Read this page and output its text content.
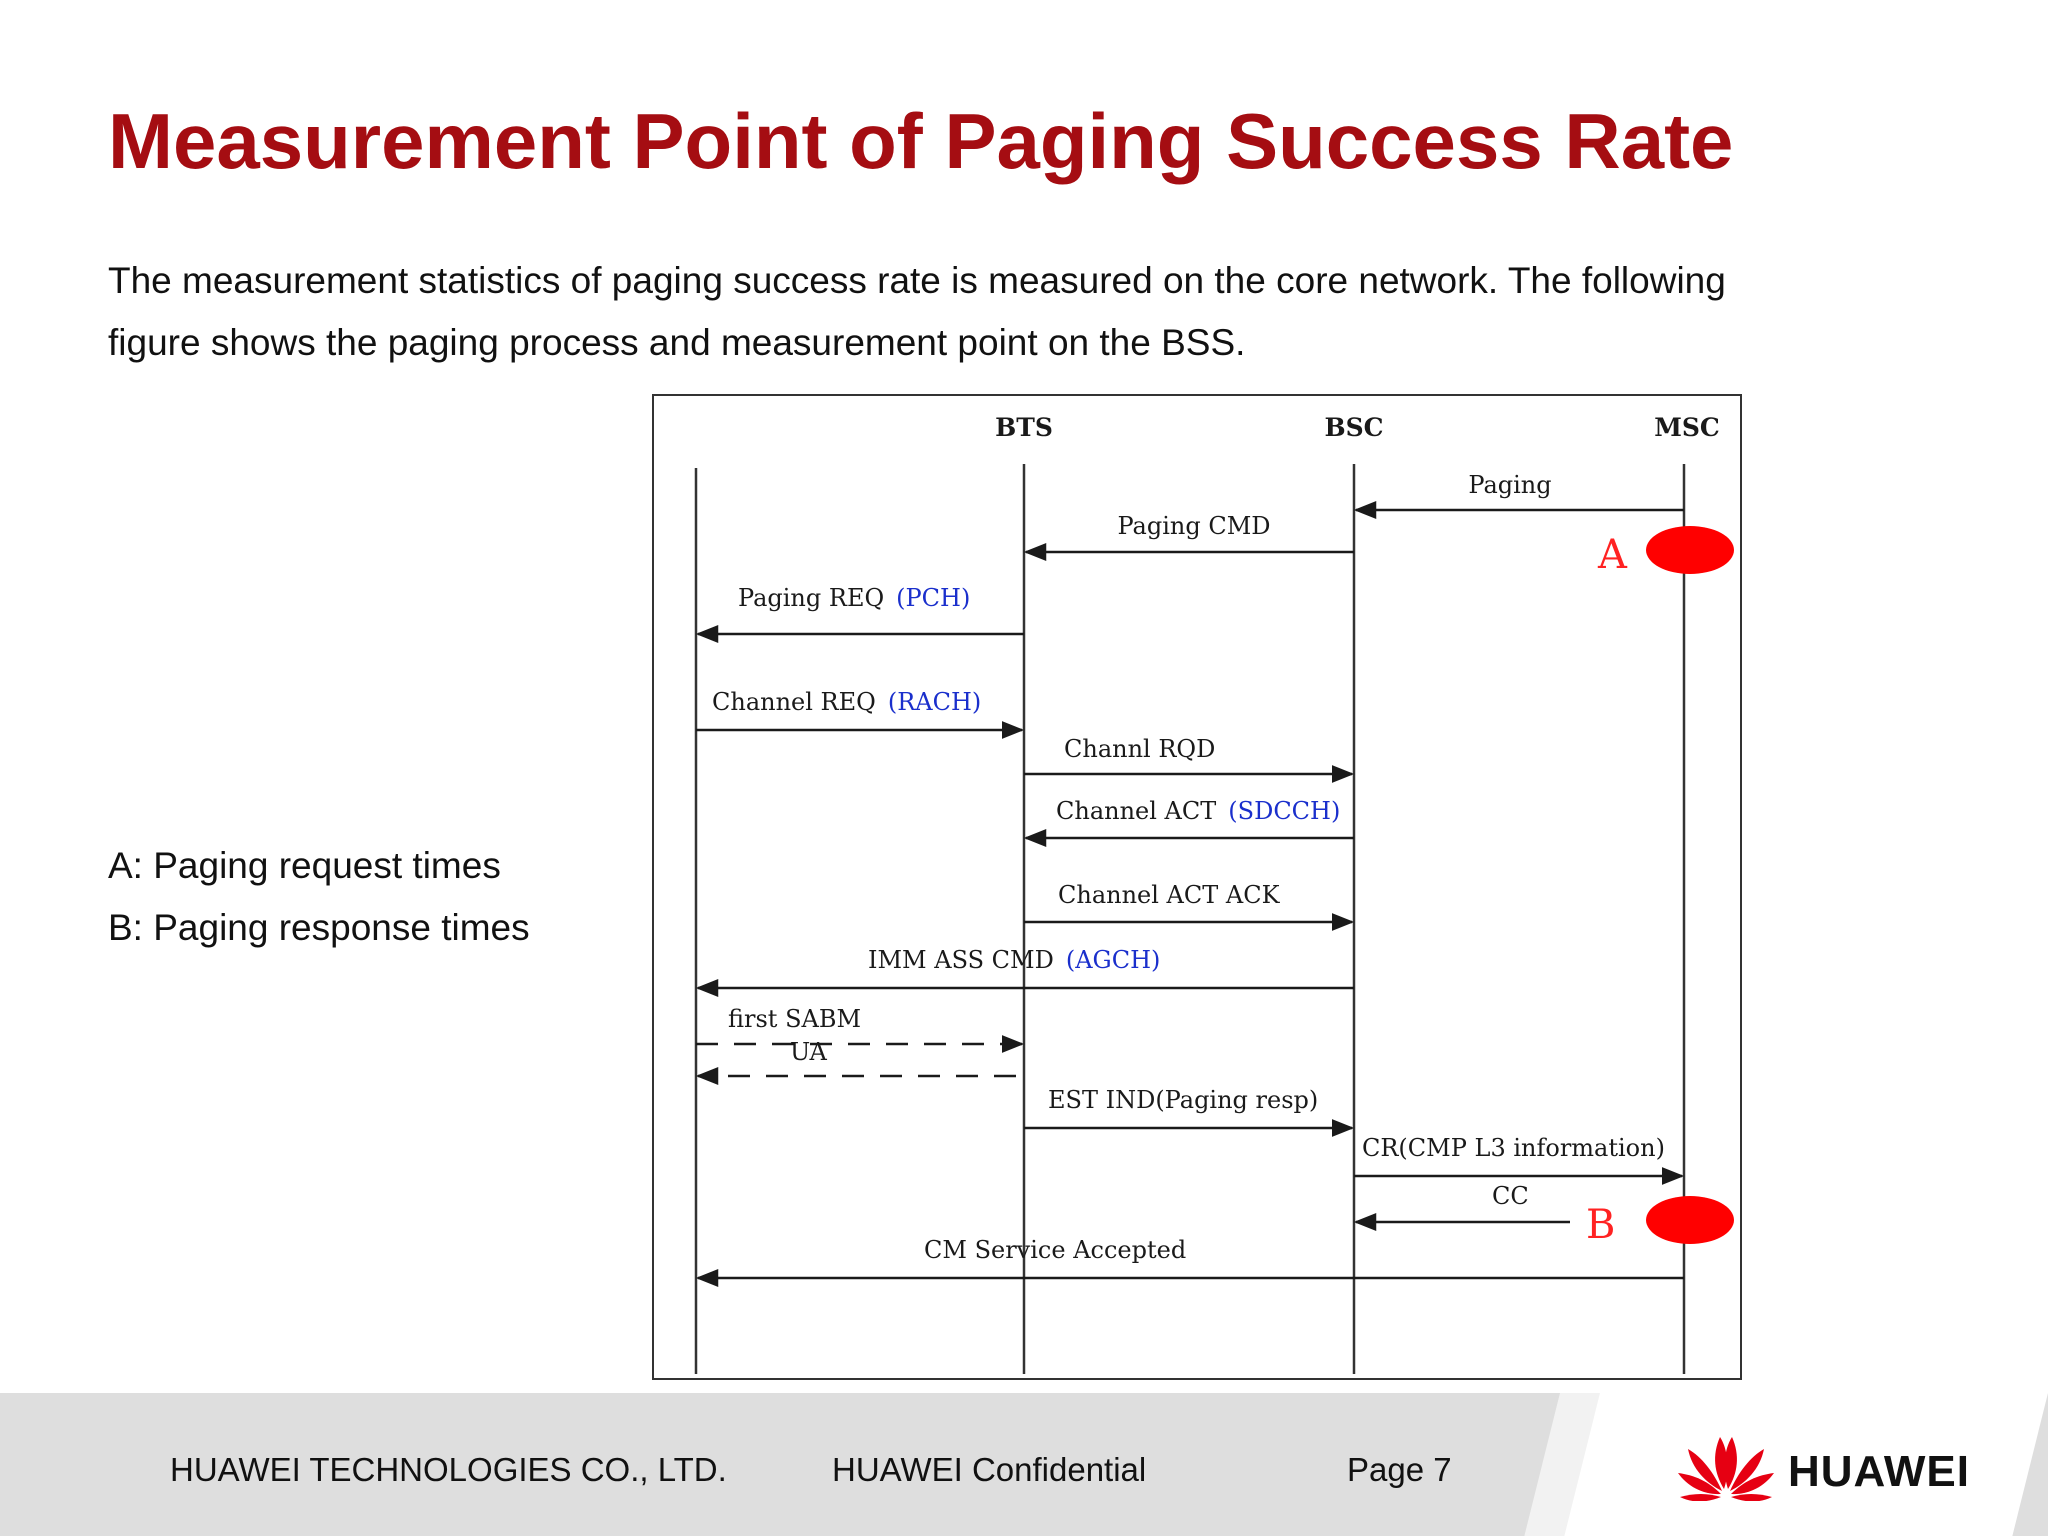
Measurement Point of Paging Success Rate

The measurement statistics of paging success rate is measured on the core network. The following figure shows the paging process and measurement point on the BSS.

A: Paging request times
B: Paging response times
BTS	BSC	MSC
Paging
Paging CMD
Paging REQ (PCH)
Channel REQ (RACH)
Channl RQD
Channel ACT (SDCCH)
Channel ACT ACK
IMM ASS CMD (AGCH)
first SABM
UA
EST IND(Paging resp)
CR(CMP L3 information)
CC
CM Service Accepted
A
B
HUAWEI TECHNOLOGIES CO., LTD.	HUAWEI Confidential	Page 7	HUAWEI
